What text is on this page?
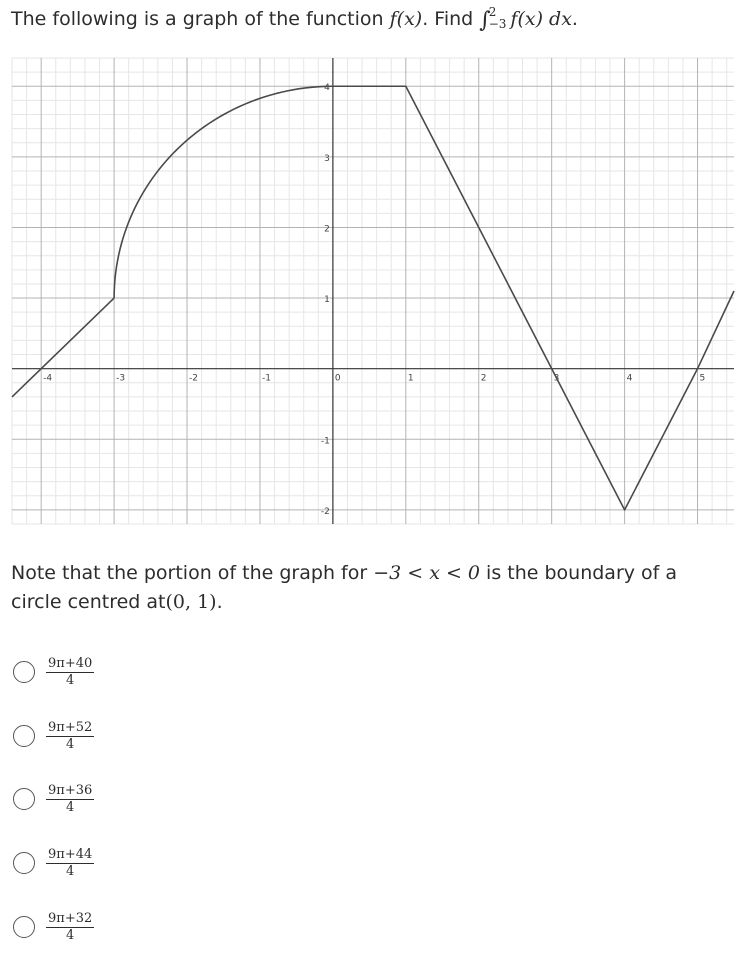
The following is a graph of the function f(x). Find ∫
2
−3 f(x) dx.
-4	-3	-2	-1	0	1	2	3	4	5
-2
-1
1
2
3
4
Note that the portion of the graph for −3 < x < 0 is the boundary of a circle centred at(0, 1).
$\frac{9\pi+40}{4}$
$\frac{9\pi+52}{4}$
$\frac{9\pi+36}{4}$
$\frac{9\pi+44}{4}$
$\frac{9\pi+32}{4}$
